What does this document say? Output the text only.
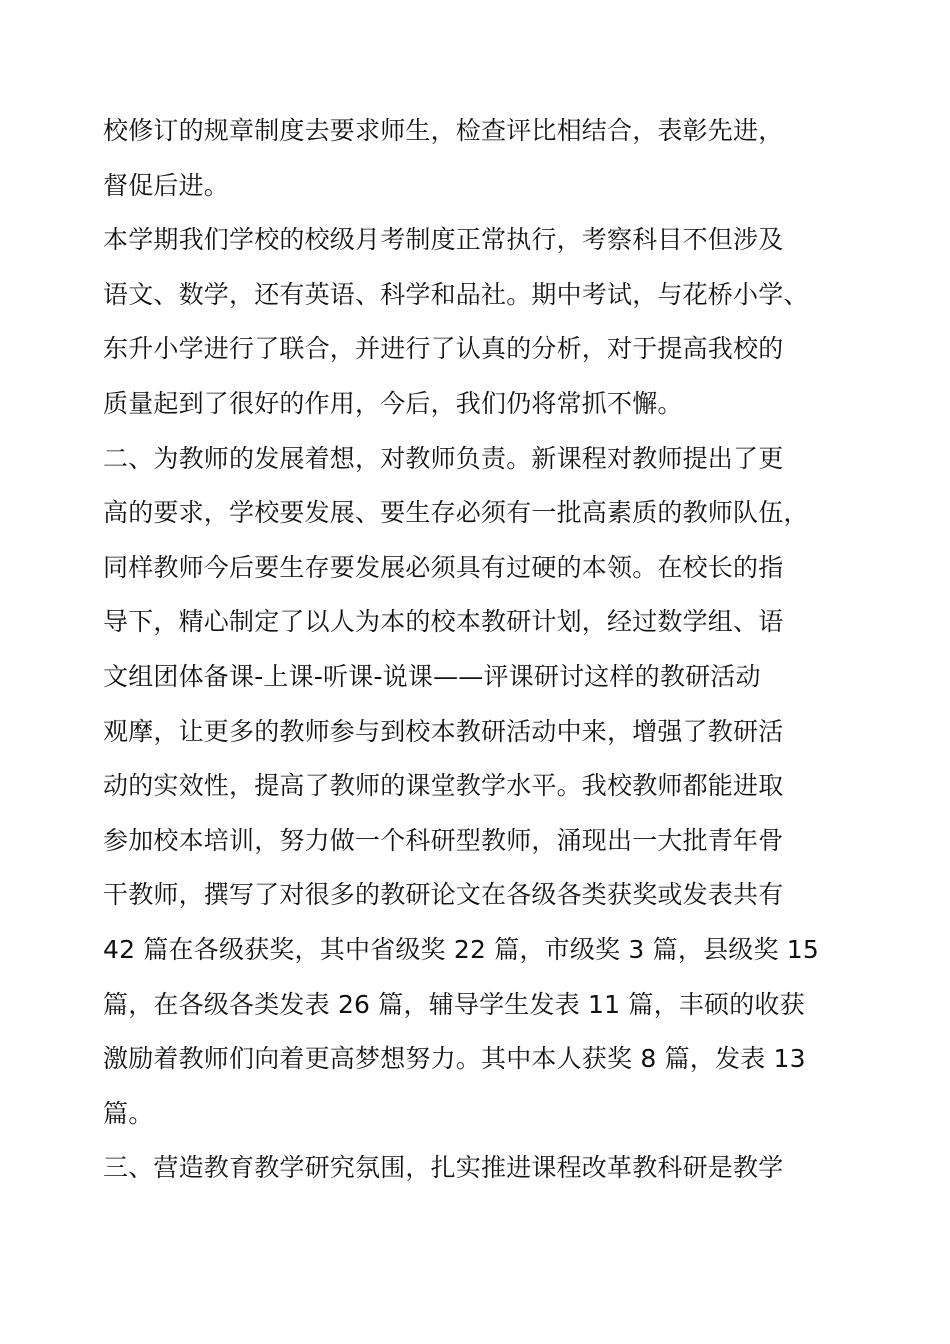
校修订的规章制度去要求师生，检查评比相结合，表彰先进，
督促后进。
本学期我们学校的校级月考制度正常执行，考察科目不但涉及
语文、数学，还有英语、科学和品社。期中考试，与花桥小学、
东升小学进行了联合，并进行了认真的分析，对于提高我校的
质量起到了很好的作用，今后，我们仍将常抓不懈。
二、为教师的发展着想，对教师负责。新课程对教师提出了更
高的要求，学校要发展、要生存必须有一批高素质的教师队伍，
同样教师今后要生存要发展必须具有过硬的本领。在校长的指
导下，精心制定了以人为本的校本教研计划，经过数学组、语
文组团体备课-上课-听课-说课——评课研讨这样的教研活动
观摩，让更多的教师参与到校本教研活动中来，增强了教研活
动的实效性，提高了教师的课堂教学水平。我校教师都能进取
参加校本培训，努力做一个科研型教师，涌现出一大批青年骨
干教师，撰写了对很多的教研论文在各级各类获奖或发表共有
42 篇在各级获奖，其中省级奖 22 篇，市级奖 3 篇，县级奖 15
篇，在各级各类发表 26 篇，辅导学生发表 11 篇，丰硕的收获
激励着教师们向着更高梦想努力。其中本人获奖 8 篇，发表 13
篇。
三、营造教育教学研究氛围，扎实推进课程改革教科研是教学
